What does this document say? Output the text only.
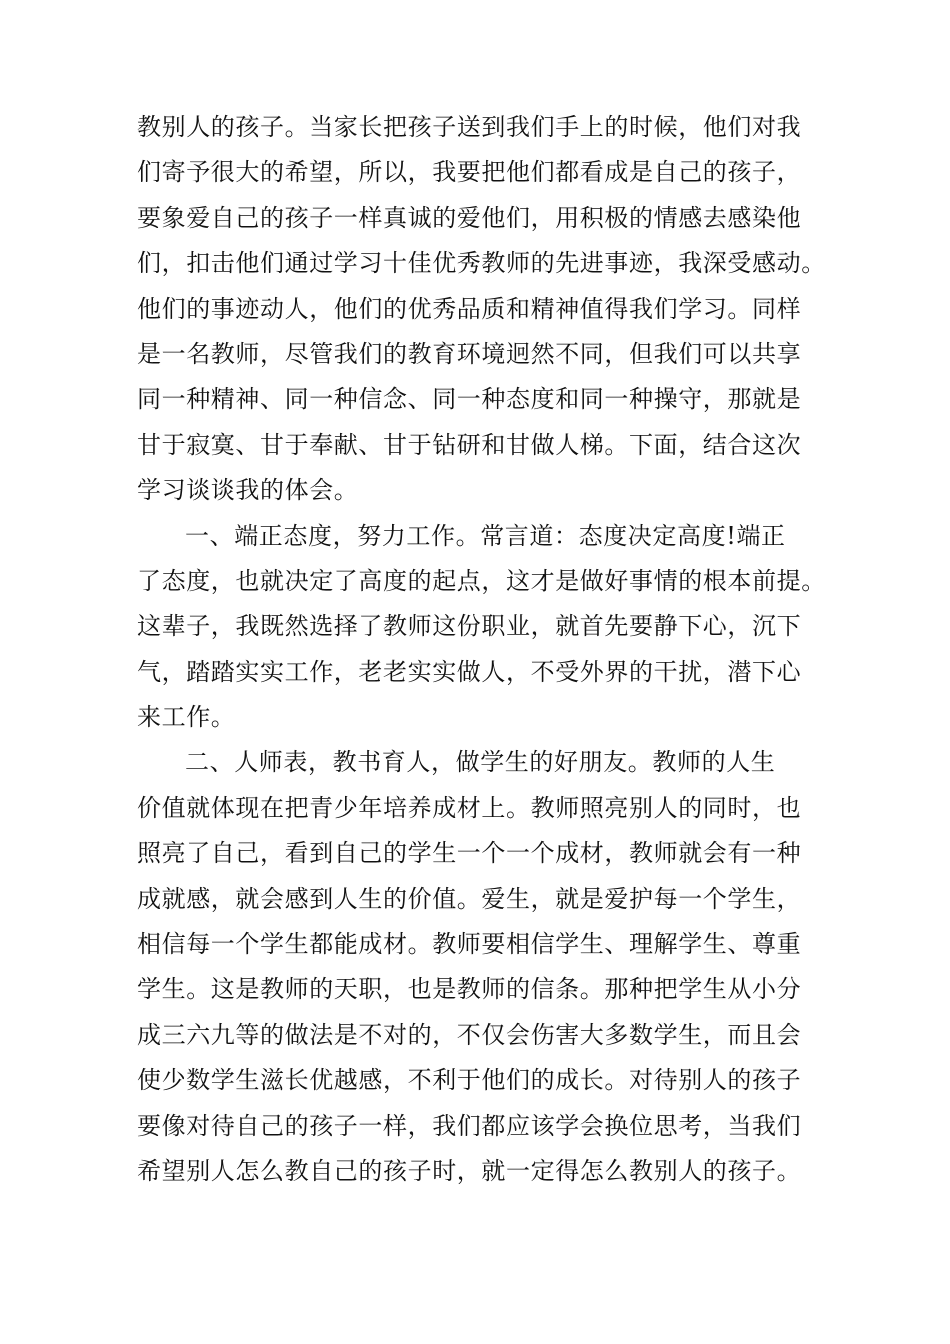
教别人的孩子。当家长把孩子送到我们手上的时候，他们对我
们寄予很大的希望，所以，我要把他们都看成是自己的孩子，
要象爱自己的孩子一样真诚的爱他们，用积极的情感去感染他
们，扣击他们通过学习十佳优秀教师的先进事迹，我深受感动。
他们的事迹动人，他们的优秀品质和精神值得我们学习。同样
是一名教师，尽管我们的教育环境迥然不同，但我们可以共享
同一种精神、同一种信念、同一种态度和同一种操守，那就是
甘于寂寞、甘于奉献、甘于钻研和甘做人梯。下面，结合这次
学习谈谈我的体会。
一、端正态度，努力工作。常言道：态度决定高度!端正
了态度，也就决定了高度的起点，这才是做好事情的根本前提。
这辈子，我既然选择了教师这份职业，就首先要静下心，沉下
气，踏踏实实工作，老老实实做人，不受外界的干扰，潜下心
来工作。
二、人师表，教书育人，做学生的好朋友。教师的人生
价值就体现在把青少年培养成材上。教师照亮别人的同时，也
照亮了自己，看到自己的学生一个一个成材，教师就会有一种
成就感，就会感到人生的价值。爱生，就是爱护每一个学生，
相信每一个学生都能成材。教师要相信学生、理解学生、尊重
学生。这是教师的天职，也是教师的信条。那种把学生从小分
成三六九等的做法是不对的，不仅会伤害大多数学生，而且会
使少数学生滋长优越感，不利于他们的成长。对待别人的孩子
要像对待自己的孩子一样，我们都应该学会换位思考，当我们
希望别人怎么教自己的孩子时，就一定得怎么教别人的孩子。
